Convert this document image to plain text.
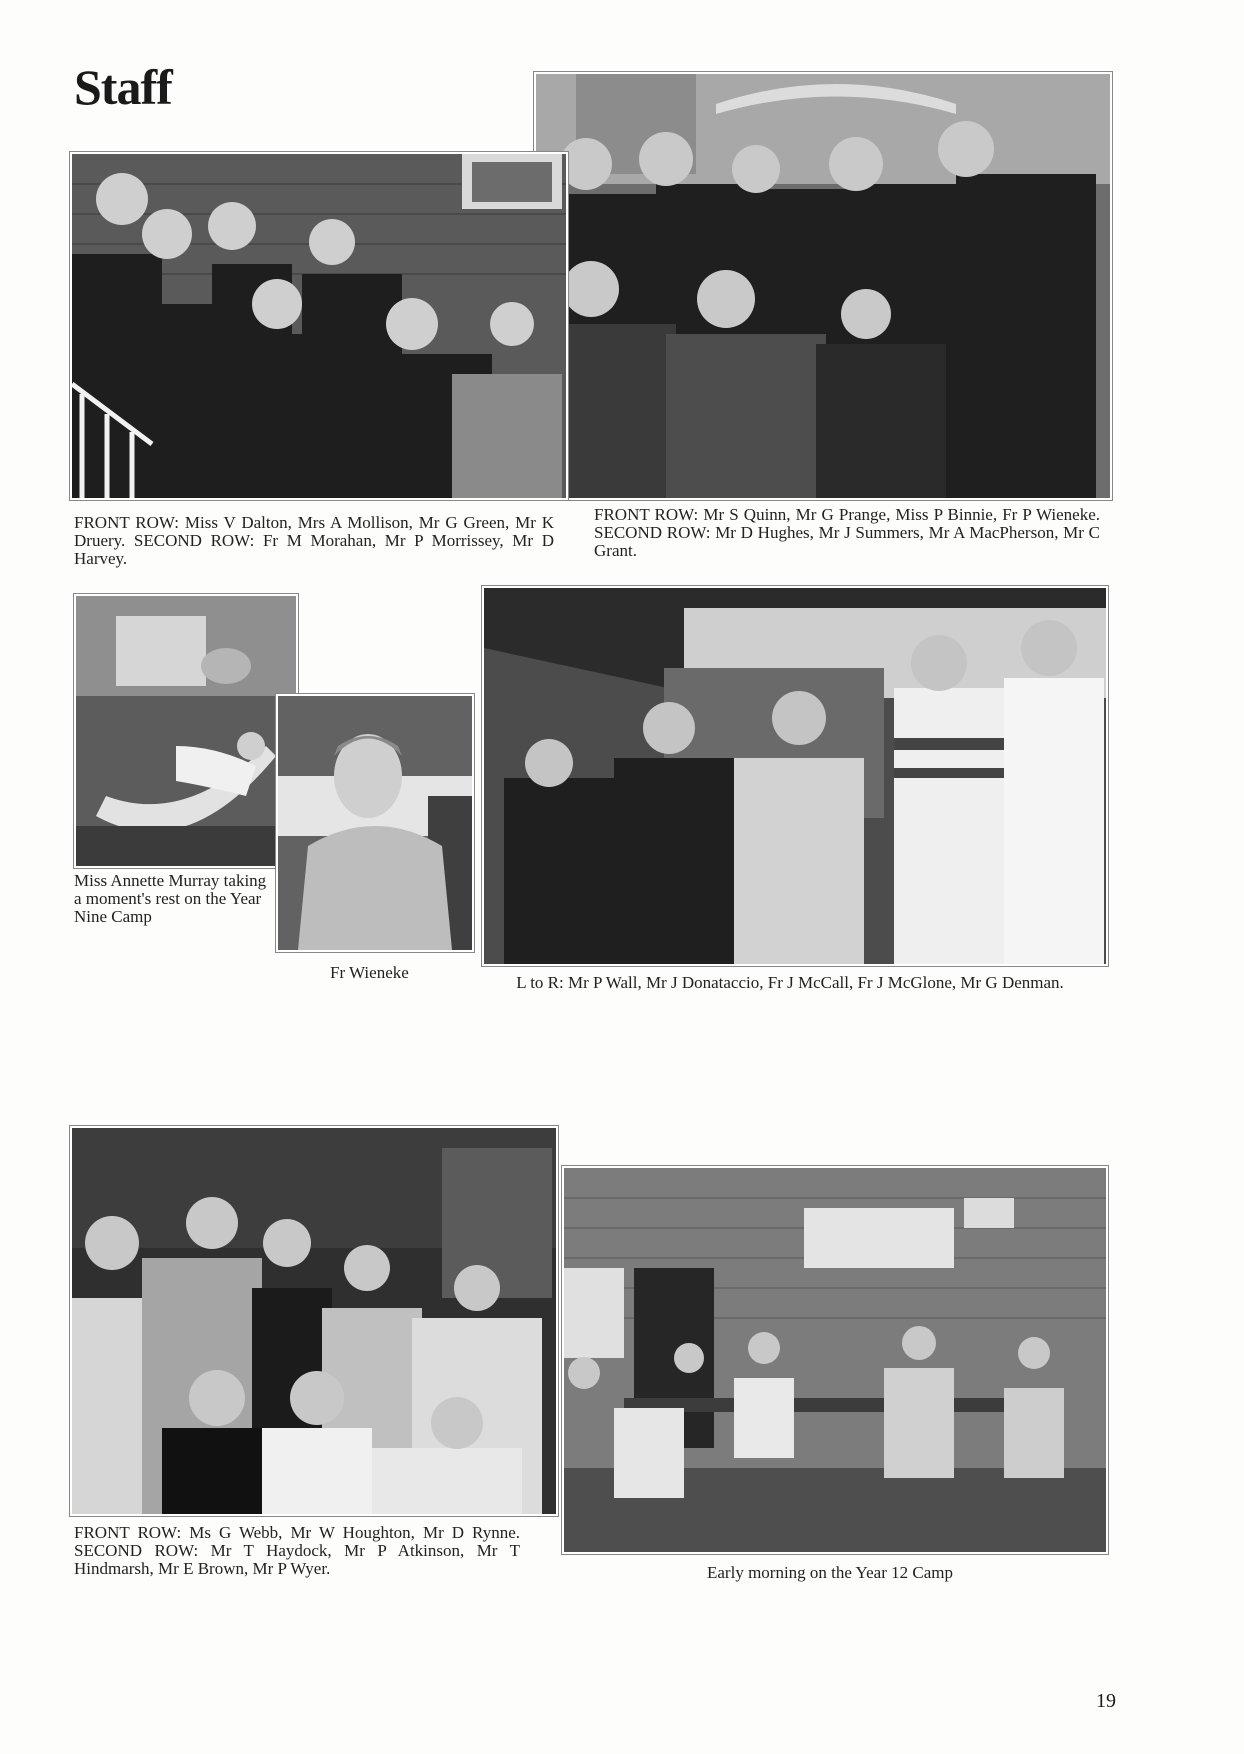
Staff
FRONT ROW: Miss V Dalton, Mrs A Mollison, Mr G Green, Mr K Druery. SECOND ROW: Fr M Morahan, Mr P Morrissey, Mr D Harvey.
FRONT ROW: Mr S Quinn, Mr G Prange, Miss P Binnie, Fr P Wieneke. SECOND ROW: Mr D Hughes, Mr J Summers, Mr A MacPherson, Mr C Grant.
Miss Annette Murray taking a moment's rest on the Year Nine Camp
Fr Wieneke
L to R: Mr P Wall, Mr J Donataccio, Fr J McCall, Fr J McGlone, Mr G Denman.
FRONT ROW: Ms G Webb, Mr W Houghton, Mr D Rynne. SECOND ROW: Mr T Haydock, Mr P Atkinson, Mr T Hindmarsh, Mr E Brown, Mr P Wyer.	Early morning on the Year 12 Camp
19
